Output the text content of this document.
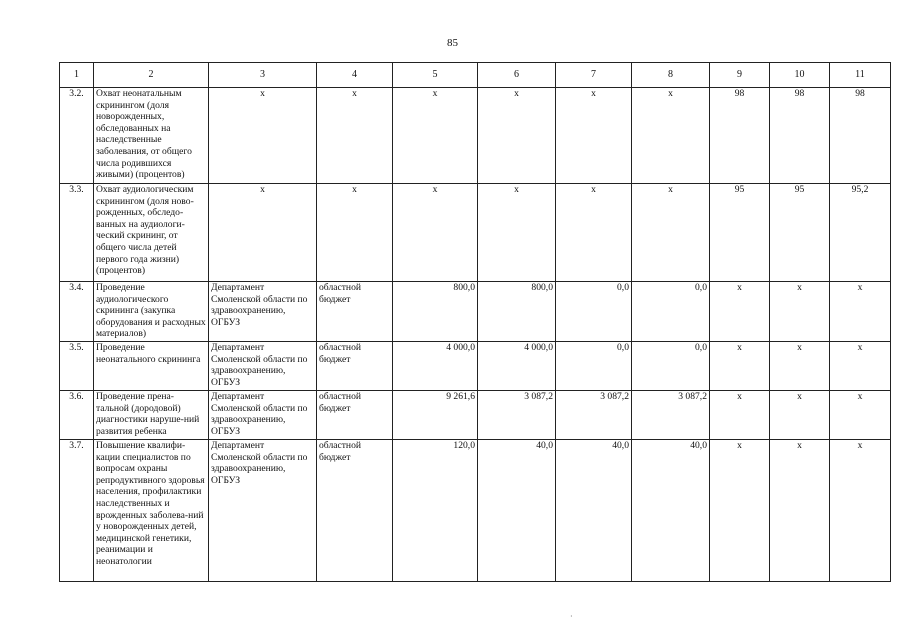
85
1	2	3	4	5	6	7	8	9	10	11
3.2.	Охват неонатальным скринингом (доля новорожденных, обследованных на наследственные заболевания, от общего числа родившихся живыми) (процентов)	x	x	x	x	x	x	98	98	98
3.3.	Охват аудиологическим скринингом (доля ново-рожденных, обследо-ванных на аудиологи-ческий скрининг, от общего числа детей первого года жизни) (процентов)	x	x	x	x	x	x	95	95	95,2
3.4.	Проведение аудиологического скрининга (закупка оборудования и расходных материалов)	Департамент Смоленской области по здравоохранению, ОГБУЗ	областной бюджет	800,0	800,0	0,0	0,0	x	x	x
3.5.	Проведение неонатального скрининга	Департамент Смоленской области по здравоохранению, ОГБУЗ	областной бюджет	4 000,0	4 000,0	0,0	0,0	x	x	x
3.6.	Проведение прена-тальной (дородовой) диагностики наруше-ний развития ребенка	Департамент Смоленской области по здравоохранению, ОГБУЗ	областной бюджет	9 261,6	3 087,2	3 087,2	3 087,2	x	x	x
3.7.	Повышение квалифи-кации специалистов по вопросам охраны репродуктивного здоровья населения, профилактики наследственных и врожденных заболева-ний у новорожденных детей, медицинской генетики, реанимации и неонатологии	Департамент Смоленской области по здравоохранению, ОГБУЗ	областной бюджет	120,0	40,0	40,0	40,0	x	x	x
·
